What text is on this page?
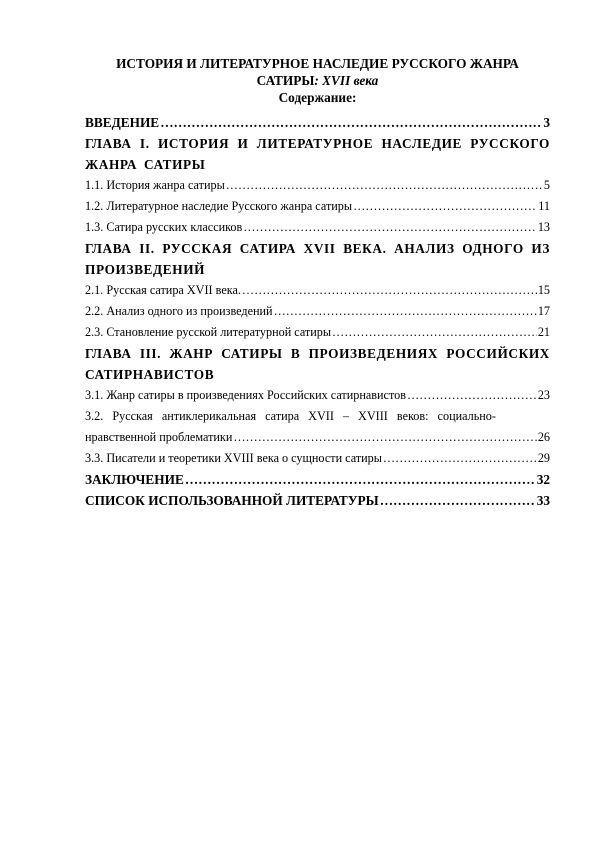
ИСТОРИЯ И ЛИТЕРАТУРНОЕ НАСЛЕДИЕ РУССКОГО ЖАНРА
САТИРЫ: XVII века

Содержание:

ВВЕДЕНИЕ ……………………………………………………………………………………………………………………………………………………	3

ГЛАВА I. ИСТОРИЯ И ЛИТЕРАТУРНОЕ НАСЛЕДИЕ РУССКОГО ЖАНРА САТИРЫ

1.1. История жанра сатиры ……………………………………………………………………………………………………………………………………………………	5
1.2. Литературное наследие Русского жанра сатиры ……………………………………………………………………………………………………………………………………………………	11
1.3. Сатира русских классиков ……………………………………………………………………………………………………………………………………………………	13

ГЛАВА II. РУССКАЯ САТИРА XVII ВЕКА. АНАЛИЗ ОДНОГО ИЗ ПРОИЗВЕДЕНИЙ

2.1. Русская сатира XVII века. ……………………………………………………………………………………………………………………………………………………	15
2.2. Анализ одного из произведений ……………………………………………………………………………………………………………………………………………………	17
2.3. Становление русской литературной сатиры ……………………………………………………………………………………………………………………………………………………	21

ГЛАВА III. ЖАНР САТИРЫ В ПРОИЗВЕДЕНИЯХ РОССИЙСКИХ САТИРНАВИСТОВ

3.1. Жанр сатиры в произведениях Российских сатирнавистов ……………………………………………………………………………………………………………………………………………………	23

3.2. Русская антиклерикальная сатира XVII – XVIII веков: социально-

нравственной проблематики ……………………………………………………………………………………………………………………………………………………	26
3.3. Писатели и теоретики XVIII века о сущности сатиры ……………………………………………………………………………………………………………………………………………………	29
ЗАКЛЮЧЕНИЕ ……………………………………………………………………………………………………………………………………………………	32
СПИСОК ИСПОЛЬЗОВАННОЙ ЛИТЕРАТУРЫ ……………………………………………………………………………………………………………………………………………………	33
